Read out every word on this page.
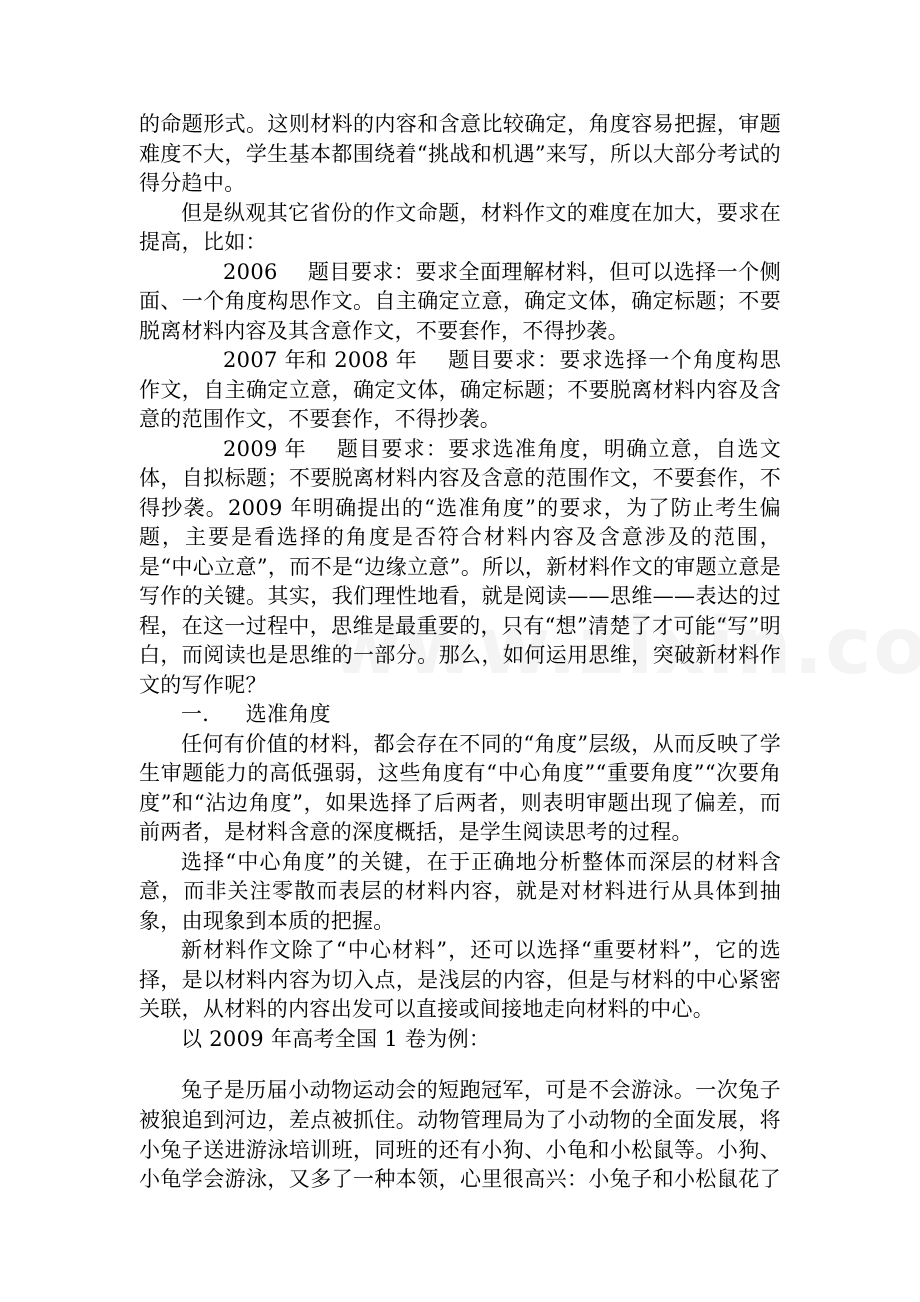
的命题形式。这则材料的内容和含意比较确定，角度容易把握，审题难度不大，学生基本都围绕着“挑战和机遇”来写，所以大部分考试的得分趋中。

但是纵观其它省份的作文命题，材料作文的难度在加大，要求在提高，比如：

2006 题目要求：要求全面理解材料，但可以选择一个侧面、一个角度构思作文。自主确定立意，确定文体，确定标题；不要脱离材料内容及其含意作文，不要套作，不得抄袭。

2007 年和 2008 年 题目要求：要求选择一个角度构思作文，自主确定立意，确定文体，确定标题；不要脱离材料内容及含意的范围作文，不要套作，不得抄袭。

2009 年 题目要求：要求选准角度，明确立意，自选文体，自拟标题；不要脱离材料内容及含意的范围作文，不要套作，不得抄袭。2009 年明确提出的“选准角度”的要求，为了防止考生偏题，主要是看选择的角度是否符合材料内容及含意涉及的范围，是“中心立意”，而不是“边缘立意”。所以，新材料作文的审题立意是写作的关键。其实，我们理性地看，就是阅读——思维——表达的过程，在这一过程中，思维是最重要的，只有“想”清楚了才可能“写”明白，而阅读也是思维的一部分。那么，如何运用思维，突破新材料作文的写作呢？

一． 选准角度

任何有价值的材料，都会存在不同的“角度”层级，从而反映了学生审题能力的高低强弱，这些角度有“中心角度”“重要角度”“次要角度”和“沾边角度”，如果选择了后两者，则表明审题出现了偏差，而前两者，是材料含意的深度概括，是学生阅读思考的过程。

选择“中心角度”的关键，在于正确地分析整体而深层的材料含意，而非关注零散而表层的材料内容，就是对材料进行从具体到抽象，由现象到本质的把握。

新材料作文除了“中心材料”，还可以选择“重要材料”，它的选择，是以材料内容为切入点，是浅层的内容，但是与材料的中心紧密关联，从材料的内容出发可以直接或间接地走向材料的中心。

以 2009 年高考全国 1 卷为例：

兔子是历届小动物运动会的短跑冠军，可是不会游泳。一次兔子被狼追到河边，差点被抓住。动物管理局为了小动物的全面发展，将小兔子送进游泳培训班，同班的还有小狗、小龟和小松鼠等。小狗、小龟学会游泳，又多了一种本领，心里很高兴：小兔子和小松鼠花了
